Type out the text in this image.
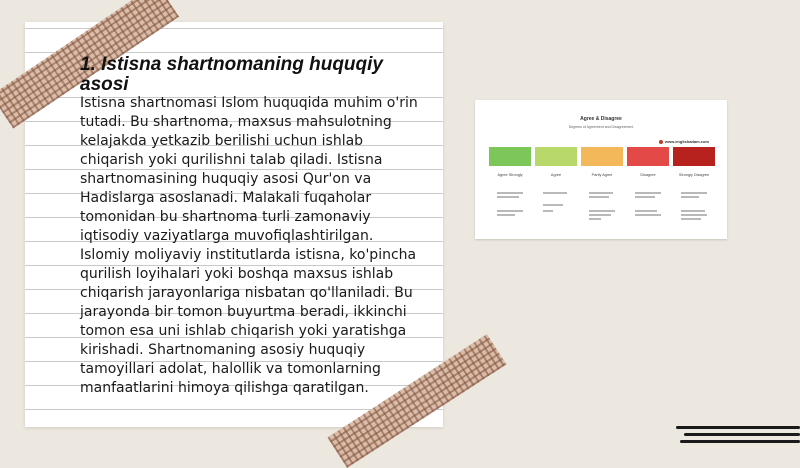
1. Istisna shartnomaning huquqiy asosi

Istisna shartnomasi Islom huquqida muhim o'rin tutadi. Bu shartnoma, maxsus mahsulotning kelajakda yetkazib berilishi uchun ishlab chiqarish yoki qurilishni talab qiladi. Istisna shartnomasining huquqiy asosi Qur'on va Hadislarga asoslanadi. Malakali fuqaholar tomonidan bu shartnoma turli zamonaviy iqtisodiy vaziyatlarga muvofiqlashtirilgan. Islomiy moliyaviy institutlarda istisna, ko'pincha qurilish loyihalari yoki boshqa maxsus ishlab chiqarish jarayonlariga nisbatan qo'llaniladi. Bu jarayonda bir tomon buyurtma beradi, ikkinchi tomon esa uni ishlab chiqarish yoki yaratishga kirishadi. Shartnomaning asosiy huquqiy tamoyillari adolat, halollik va tomonlarning manfaatlarini himoya qilishga qaratilgan.

Agree & Disagree
Degrees of Agreement and Disagreement
www.englishadam.com
Agree Strongly	Agree	Partly Agree	Disagree	Strongly Disagree
